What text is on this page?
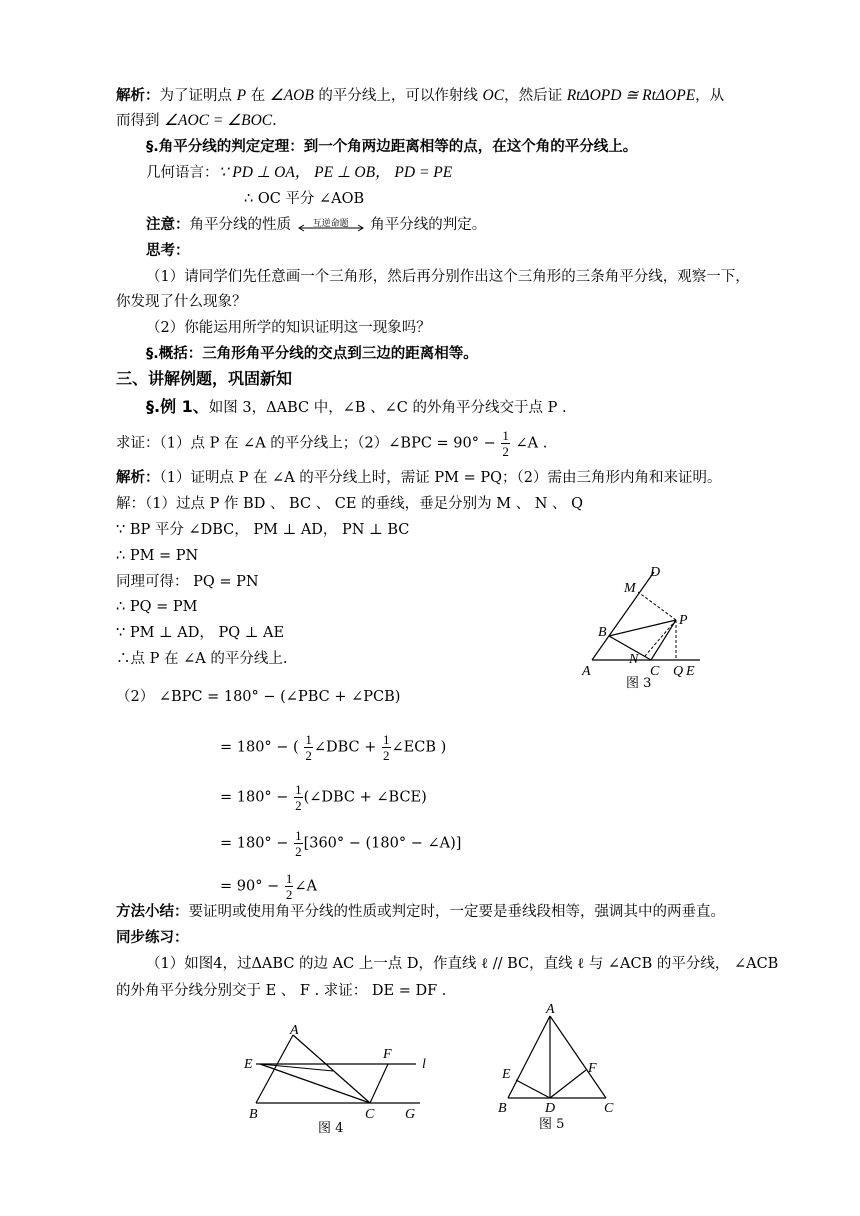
解析：为了证明点 P 在 ∠AOB 的平分线上，可以作射线 OC，然后证 RtΔOPD ≅ RtΔOPE，从
而得到 ∠AOC = ∠BOC.
§.角平分线的判定定理：到一个角两边距离相等的点，在这个角的平分线上。
几何语言：∵ PD ⊥ OA， PE ⊥ OB， PD = PE
∴ OC 平分 ∠AOB
注意：角平分线的性质	互逆命题	角平分线的判定。
思考：
（1）请同学们先任意画一个三角形，然后再分别作出这个三角形的三条角平分线，观察一下，
你发现了什么现象？
（2）你能运用所学的知识证明这一现象吗？
§.概括：三角形角平分线的交点到三边的距离相等。
三、讲解例题，巩固新知
§.例 1、如图 3，ΔABC 中，∠B 、∠C 的外角平分线交于点 P .
求证：（1）点 P 在 ∠A 的平分线上；（2）∠BPC = $90^\circ - \frac{1}{2}$ ∠A .
解析：（1）证明点 P 在 ∠A 的平分线上时，需证 PM = PQ；（2）需由三角形内角和来证明。
解：（1）过点 P 作 BD 、 BC 、 CE 的垂线，垂足分别为 M 、 N 、 Q
∵ BP 平分 ∠DBC， PM ⊥ AD， PN ⊥ BC
∴ PM = PN
同理可得： PQ = PN
∴ PQ = PM
∵ PM ⊥ AD， PQ ⊥ AE
∴点 P 在 ∠A 的平分线上.
D
M
P
B
N
C Q E
A
图 3
（2） ∠BPC = 180° − (∠PBC + ∠PCB)
= 180° − ( $\frac{1}{2}$ ∠DBC + $\frac{1}{2}$ ∠ECB )
= $180^\circ - \frac{1}{2}$ (∠DBC + ∠BCE)
= $180^\circ - \frac{1}{2} [360^\circ - (180^\circ$ − ∠A)]
= $90^\circ - \frac{1}{2}$ ∠A
方法小结：要证明或使用角平分线的性质或判定时，一定要是垂线段相等，强调其中的两垂直。
同步练习：
（1）如图4，过ΔABC 的边 AC 上一点 D，作直线 ℓ // BC，直线 ℓ 与 ∠ACB 的平分线， ∠ACB
的外角平分线分别交于 E 、 F . 求证： DE = DF .
A
E
F
l
B	C G
图 4
A
E	F
B	D	C
图 5
